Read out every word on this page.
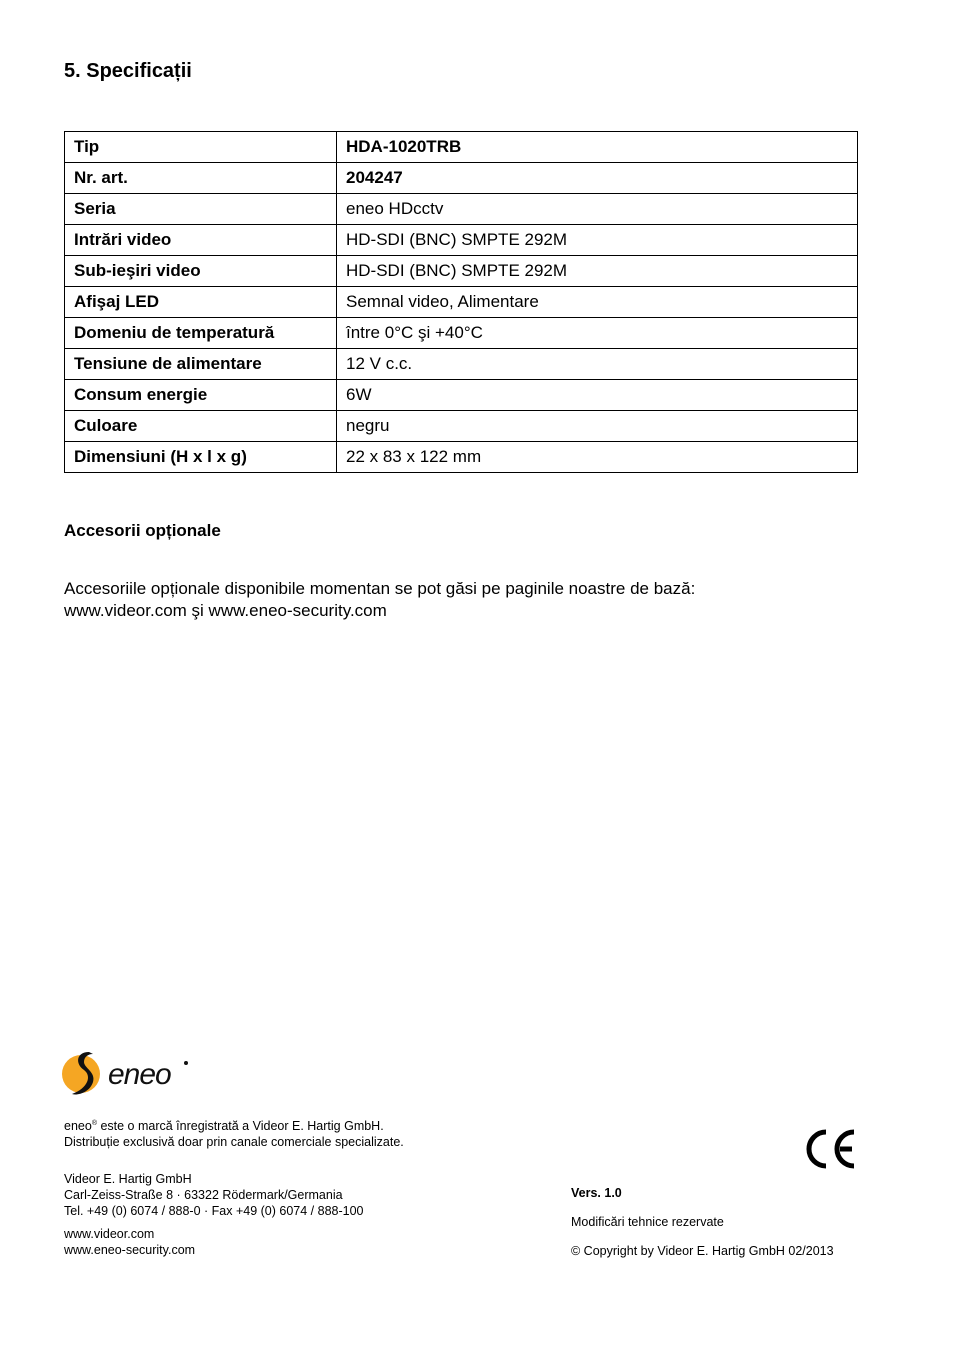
5. Specificații
Tip	HDA-1020TRB
Nr. art.	204247
Seria	eneo HDcctv
Intrări video	HD-SDI (BNC) SMPTE 292M
Sub-ieşiri video	HD-SDI (BNC) SMPTE 292M
Afişaj LED	Semnal video, Alimentare
Domeniu de temperatură	între 0°C şi +40°C
Tensiune de alimentare	12 V c.c.
Consum energie	6W
Culoare	negru
Dimensiuni (H x l x g)	22 x 83 x 122 mm
Accesorii opționale
Accesoriile opționale disponibile momentan se pot găsi pe paginile noastre de bază:
www.videor.com şi www.eneo-security.com
eneo
eneo® este o marcă înregistrată a Videor E. Hartig GmbH.
Distribuție exclusivă doar prin canale comerciale specializate.
Videor E. Hartig GmbH
Carl-Zeiss-Straße 8 · 63322 Rödermark/Germania
Tel. +49 (0) 6074 / 888-0 · Fax +49 (0) 6074 / 888-100
www.videor.com
www.eneo-security.com
Vers. 1.0
Modificări tehnice rezervate
© Copyright by Videor E. Hartig GmbH 02/2013
